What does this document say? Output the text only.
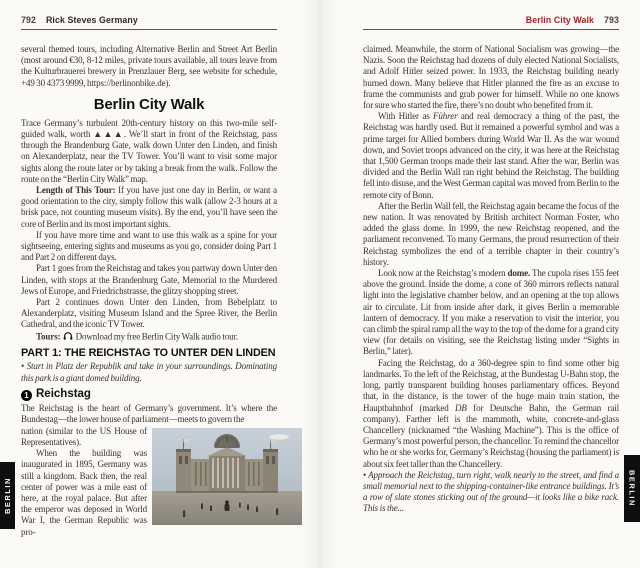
792 Rick Steves Germany

several themed tours, including Alternative Berlin and Street Art Berlin (most around €30, 8-12 miles, private tours available, all tours leave from the Kulturbrauerei brewery in Prenzlauer Berg, see website for schedule, +49 30 4373 9999, https://berlinonbike.de).

Berlin City Walk

Trace Germany’s turbulent 20th-century history on this two-mile self-guided walk, worth ▲▲▲. We’ll start in front of the Reichstag, pass through the Brandenburg Gate, walk down Unter den Linden, and finish on Alexanderplatz, near the TV Tower. You’ll want to visit some major sights along the route later or by taking a break from the walk. Follow the route on the “Berlin City Walk” map.

Length of This Tour: If you have just one day in Berlin, or want a good orientation to the city, simply follow this walk (allow 2-3 hours at a brisk pace, not counting museum visits). By the end, you’ll have seen the core of Berlin and its most important sights.

If you have more time and want to use this walk as a spine for your sightseeing, entering sights and museums as you go, consider doing Part 1 and Part 2 on different days.

Part 1 goes from the Reichstag and takes you partway down Unter den Linden, with stops at the Brandenburg Gate, Memorial to the Murdered Jews of Europe, and Friedrichstrasse, the glitzy shopping street.

Part 2 continues down Unter den Linden, from Bebelplatz to Alexanderplatz, visiting Museum Island and the Spree River, the Berlin Cathedral, and the iconic TV Tower.

Tours: Download my free Berlin City Walk audio tour.

PART 1: THE REICHSTAG TO UNTER DEN LINDEN

• Start in Platz der Republik and take in your surroundings. Dominating this park is a giant domed building.

1 Reichstag

The Reichstag is the heart of Germany’s government. It’s where the Bundestag—the lower house of parliament—meets to govern the

nation (similar to the US House of Representatives).

When the building was inaugurated in 1895, Germany was still a kingdom. Back then, the real center of power was a mile east of here, at the royal palace. But after the emperor was deposed in World War I, the German Republic was pro-

BERLIN
Berlin City Walk 793

claimed. Meanwhile, the storm of National Socialism was growing—the Nazis. Soon the Reichstag had dozens of duly elected National Socialists, and Adolf Hitler seized power. In 1933, the Reichstag building nearly burned down. Many believe that Hitler planned the fire as an excuse to frame the communists and grab power for himself. While no one knows for sure who started the fire, there’s no doubt who benefited from it.

With Hitler as Führer and real democracy a thing of the past, the Reichstag was hardly used. But it remained a powerful symbol and was a prime target for Allied bombers during World War II. As the war wound down, and Soviet troops advanced on the city, it was here at the Reichstag that 1,500 German troops made their last stand. After the war, Berlin was divided and the Berlin Wall ran right behind the Reichstag. The building fell into disuse, and the West German capital was moved from Berlin to the remote city of Bonn.

After the Berlin Wall fell, the Reichstag again became the focus of the new nation. It was renovated by British architect Norman Foster, who added the glass dome. In 1999, the new Reichstag reopened, and the parliament reconvened. To many Germans, the proud resurrection of their Reichstag symbolizes the end of a terrible chapter in their country’s history.

Look now at the Reichstag’s modern dome. The cupola rises 155 feet above the ground. Inside the dome, a cone of 360 mirrors reflects natural light into the legislative chamber below, and an opening at the top allows air to circulate. Lit from inside after dark, it gives Berlin a memorable lantern of democracy. If you make a reservation to visit the interior, you can climb the spiral ramp all the way to the top of the dome for a grand city view (for details on visiting, see the Reichstag listing under “Sights in Berlin,” later).

Facing the Reichstag, do a 360-degree spin to find some other big landmarks. To the left of the Reichstag, at the Bundestag U-Bahn stop, the long, partly transparent building houses parliamentary offices. Beyond that, in the distance, is the tower of the huge main train station, the Hauptbahnhof (marked DB for Deutsche Bahn, the German rail company). Farther left is the mammoth, white, concrete-and-glass Chancellery (nicknamed “the Washing Machine”). This is the office of Germany’s most powerful person, the chancellor. To remind the chancellor who he or she works for, Germany’s Reichstag (housing the parliament) is about six feet taller than the Chancellery.

• Approach the Reichstag, turn right, walk nearly to the street, and find a small memorial next to the shipping-container-like entrance buildings. It’s a row of slate stones sticking out of the ground—it looks like a bike rack. This is the...

BERLIN
